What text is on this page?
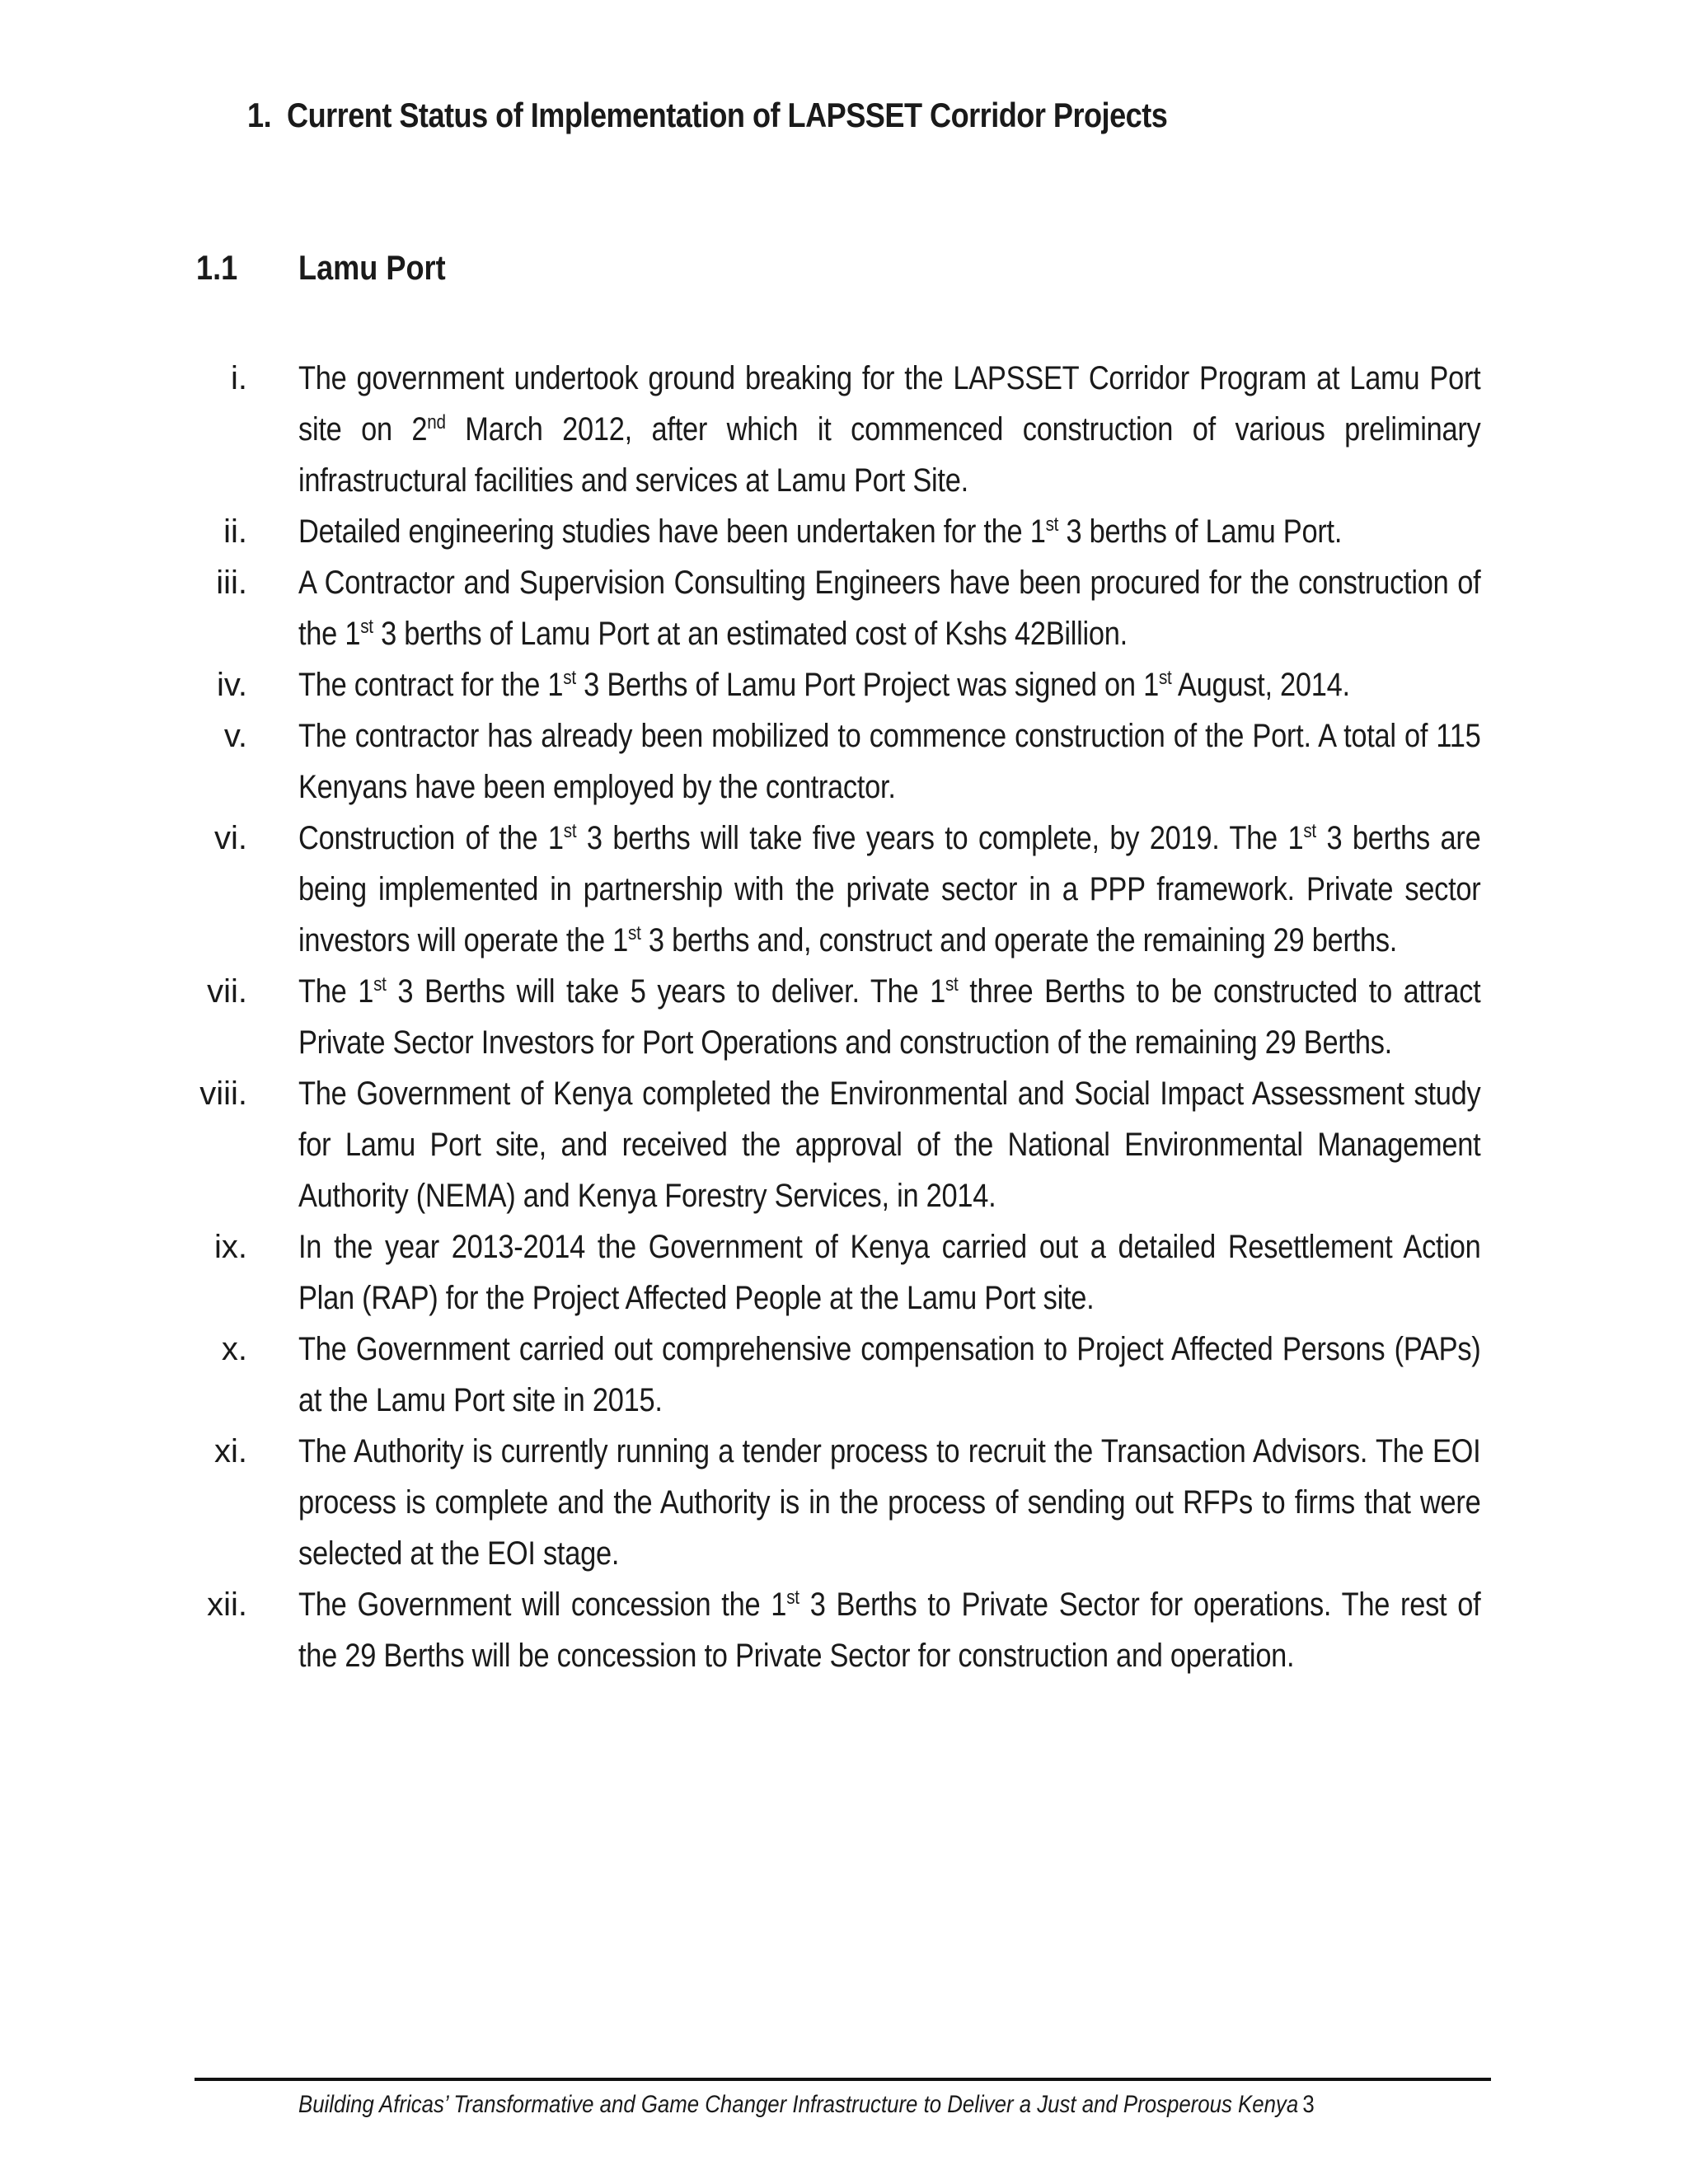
1. Current Status of Implementation of LAPSSET Corridor Projects
1.1 Lamu Port
i. The government undertook ground breaking for the LAPSSET Corridor Program at Lamu Port site on 2nd March 2012, after which it commenced construction of various preliminary infrastructural facilities and services at Lamu Port Site.
ii. Detailed engineering studies have been undertaken for the 1st 3 berths of Lamu Port.
iii. A Contractor and Supervision Consulting Engineers have been procured for the construction of the 1st 3 berths of Lamu Port at an estimated cost of Kshs 42Billion.
iv. The contract for the 1st 3 Berths of Lamu Port Project was signed on 1st August, 2014.
v. The contractor has already been mobilized to commence construction of the Port. A total of 115 Kenyans have been employed by the contractor.
vi. Construction of the 1st 3 berths will take five years to complete, by 2019. The 1st 3 berths are being implemented in partnership with the private sector in a PPP framework. Private sector investors will operate the 1st 3 berths and, construct and operate the remaining 29 berths.
vii. The 1st 3 Berths will take 5 years to deliver. The 1st three Berths to be constructed to attract Private Sector Investors for Port Operations and construction of the remaining 29 Berths.
viii. The Government of Kenya completed the Environmental and Social Impact Assessment study for Lamu Port site, and received the approval of the National Environmental Management Authority (NEMA) and Kenya Forestry Services, in 2014.
ix. In the year 2013-2014 the Government of Kenya carried out a detailed Resettlement Action Plan (RAP) for the Project Affected People at the Lamu Port site.
x. The Government carried out comprehensive compensation to Project Affected Persons (PAPs) at the Lamu Port site in 2015.
xi. The Authority is currently running a tender process to recruit the Transaction Advisors. The EOI process is complete and the Authority is in the process of sending out RFPs to firms that were selected at the EOI stage.
xii. The Government will concession the 1st 3 Berths to Private Sector for operations. The rest of the 29 Berths will be concession to Private Sector for construction and operation.
Building Africas’ Transformative and Game Changer Infrastructure to Deliver a Just and Prosperous Kenya 3
